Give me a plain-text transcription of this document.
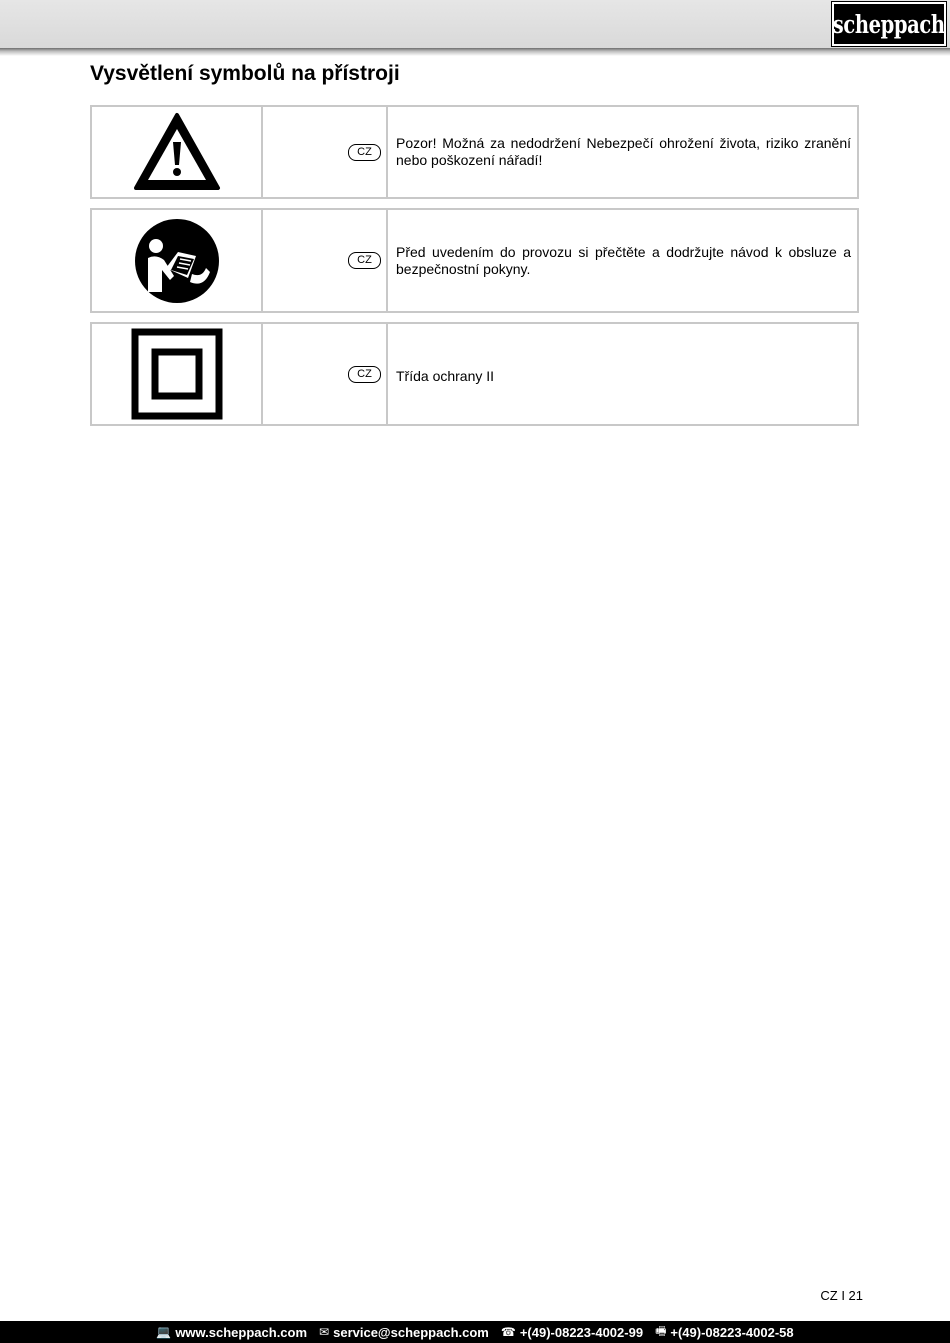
scheppach
Vysvětlení symbolů na přístroji
CZ
Pozor! Možná za nedodržení Nebezpečí ohrožení života, riziko zranění nebo poškození nářadí!
CZ	Před uvedením do provozu si přečtěte a dodržujte návod k obsluze a bezpečnostní pokyny.
CZ	Třída ochrany II
CZ I 21
💻 www.scheppach.com ✉ service@scheppach.com ☎ +(49)-08223-4002-99 🖷 +(49)-08223-4002-58
